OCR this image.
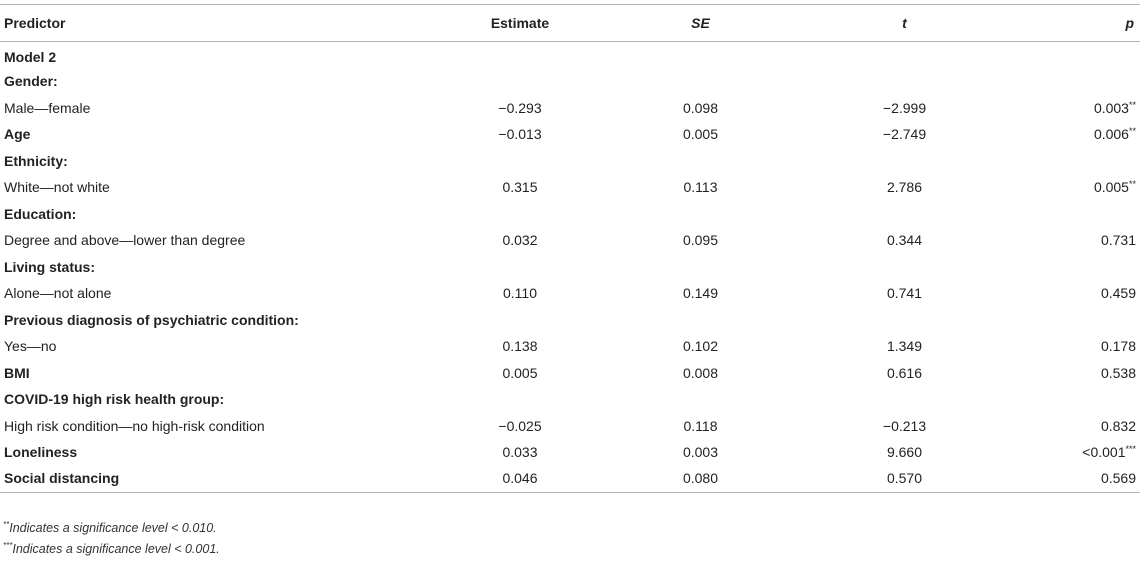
Predictor	Estimate	SE	t	p
Model 2				
Gender:				
Male—female	−0.293	0.098	−2.999	0.003**
Age	−0.013	0.005	−2.749	0.006**
Ethnicity:				
White—not white	0.315	0.113	2.786	0.005**
Education:				
Degree and above—lower than degree	0.032	0.095	0.344	0.731
Living status:				
Alone—not alone	0.110	0.149	0.741	0.459
Previous diagnosis of psychiatric condition:				
Yes—no	0.138	0.102	1.349	0.178
BMI	0.005	0.008	0.616	0.538
COVID-19 high risk health group:				
High risk condition—no high-risk condition	−0.025	0.118	−0.213	0.832
Loneliness	0.033	0.003	9.660	<0.001***
Social distancing	0.046	0.080	0.570	0.569
**Indicates a significance level < 0.010.
***Indicates a significance level < 0.001.
